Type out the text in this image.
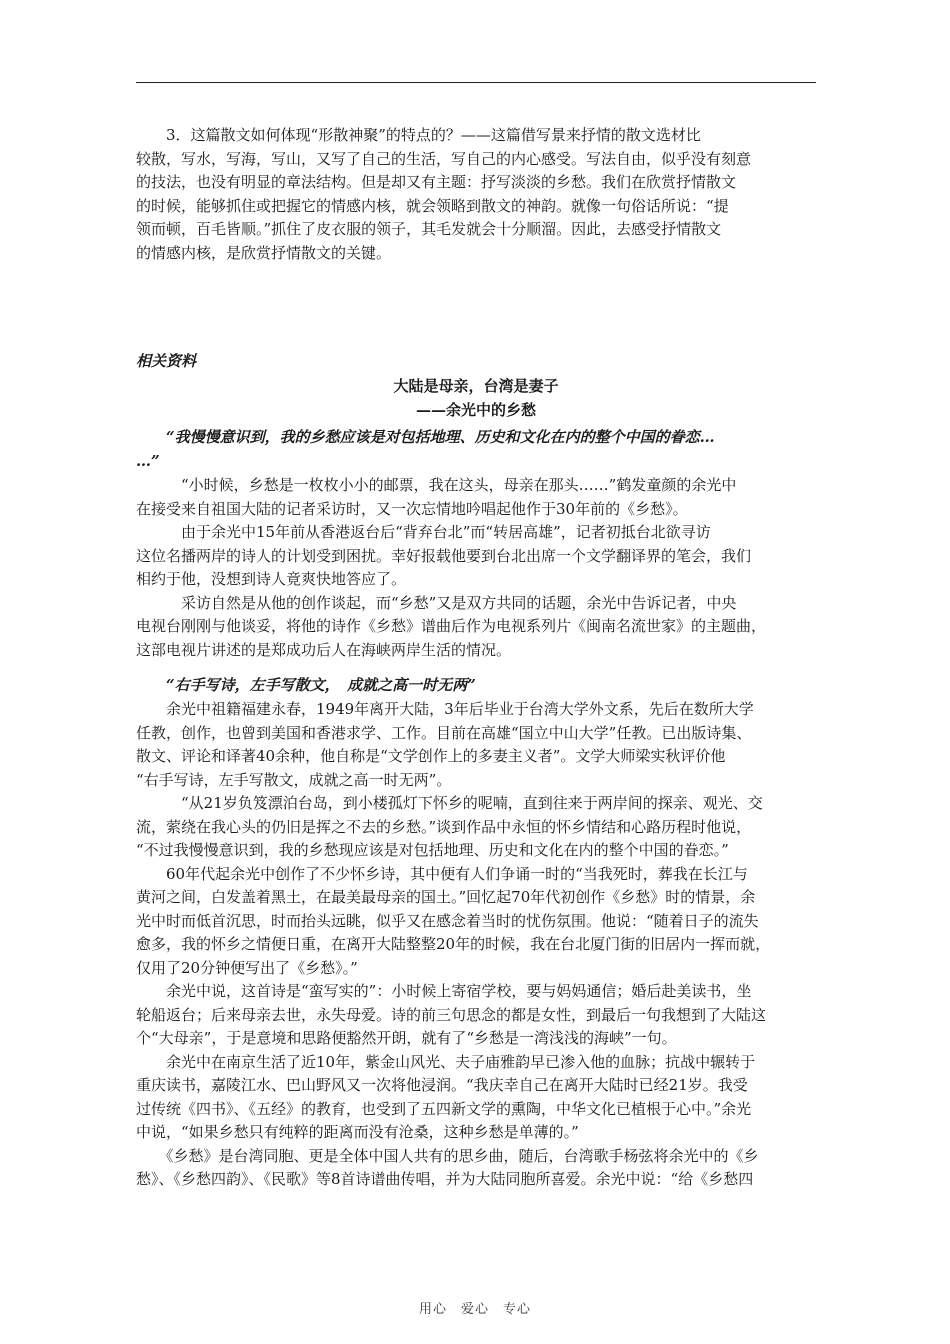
　　3．这篇散文如何体现“形散神聚”的特点的？——这篇借写景来抒情的散文选材比
较散，写水，写海，写山，又写了自己的生活，写自己的内心感受。写法自由，似乎没有刻意
的技法，也没有明显的章法结构。但是却又有主题：抒写淡淡的乡愁。我们在欣赏抒情散文
的时候，能够抓住或把握它的情感内核，就会领略到散文的神韵。就像一句俗话所说：“提
领而顿，百毛皆顺。”抓住了皮衣服的领子，其毛发就会十分顺溜。因此，去感受抒情散文
的情感内核，是欣赏抒情散文的关键。
相关资料
大陆是母亲，台湾是妻子
——余光中的乡愁
　　“我慢慢意识到，我的乡愁应该是对包括地理、历史和文化在内的整个中国的眷恋…
…”
　　　“小时候，乡愁是一枚枚小小的邮票，我在这头，母亲在那头……”鹤发童颜的余光中
在接受来自祖国大陆的记者采访时，又一次忘情地吟唱起他作于30年前的《乡愁》。
　　　由于余光中15年前从香港返台后“背弃台北”而“转居高雄”，记者初抵台北欲寻访
这位名播两岸的诗人的计划受到困扰。幸好报载他要到台北出席一个文学翻译界的笔会，我们
相约于他，没想到诗人竟爽快地答应了。
　　　采访自然是从他的创作谈起，而“乡愁”又是双方共同的话题，余光中告诉记者，中央
电视台刚刚与他谈妥，将他的诗作《乡愁》谱曲后作为电视系列片《闽南名流世家》的主题曲，
这部电视片讲述的是郑成功后人在海峡两岸生活的情况。
　　“右手写诗，左手写散文，　成就之高一时无两”
　　余光中祖籍福建永春，1949年离开大陆，3年后毕业于台湾大学外文系，先后在数所大学
任教，创作，也曾到美国和香港求学、工作。目前在高雄“国立中山大学”任教。已出版诗集、
散文、评论和译著40余种，他自称是“文学创作上的多妻主义者”。文学大师梁实秋评价他
“右手写诗，左手写散文，成就之高一时无两”。
　　　“从21岁负笈漂泊台岛，到小楼孤灯下怀乡的呢喃，直到往来于两岸间的探亲、观光、交
流，萦绕在我心头的仍旧是挥之不去的乡愁。”谈到作品中永恒的怀乡情结和心路历程时他说，
“不过我慢慢意识到，我的乡愁现应该是对包括地理、历史和文化在内的整个中国的眷恋。”
　　60年代起余光中创作了不少怀乡诗，其中便有人们争诵一时的“当我死时，葬我在长江与
黄河之间，白发盖着黑土，在最美最母亲的国土。”回忆起70年代初创作《乡愁》时的情景，余
光中时而低首沉思，时而抬头远眺，似乎又在感念着当时的忧伤氛围。他说：“随着日子的流失
愈多，我的怀乡之情便日重，在离开大陆整整20年的时候，我在台北厦门街的旧居内一挥而就，
仅用了20分钟便写出了《乡愁》。”
　　余光中说，这首诗是“蛮写实的”：小时候上寄宿学校，要与妈妈通信；婚后赴美读书，坐
轮船返台；后来母亲去世，永失母爱。诗的前三句思念的都是女性，到最后一句我想到了大陆这
个“大母亲”，于是意境和思路便豁然开朗，就有了“乡愁是一湾浅浅的海峡”一句。
　　余光中在南京生活了近10年，紫金山风光、夫子庙雅韵早已渗入他的血脉；抗战中辗转于
重庆读书，嘉陵江水、巴山野风又一次将他浸润。“我庆幸自己在离开大陆时已经21岁。我受
过传统《四书》、《五经》的教育，也受到了五四新文学的熏陶，中华文化已植根于心中。”余光
中说，“如果乡愁只有纯粹的距离而没有沧桑，这种乡愁是单薄的。”
　　《乡愁》是台湾同胞、更是全体中国人共有的思乡曲，随后，台湾歌手杨弦将余光中的《乡
愁》、《乡愁四韵》、《民歌》等8首诗谱曲传唱，并为大陆同胞所喜爱。余光中说：“给《乡愁四
用心　爱心　专心
